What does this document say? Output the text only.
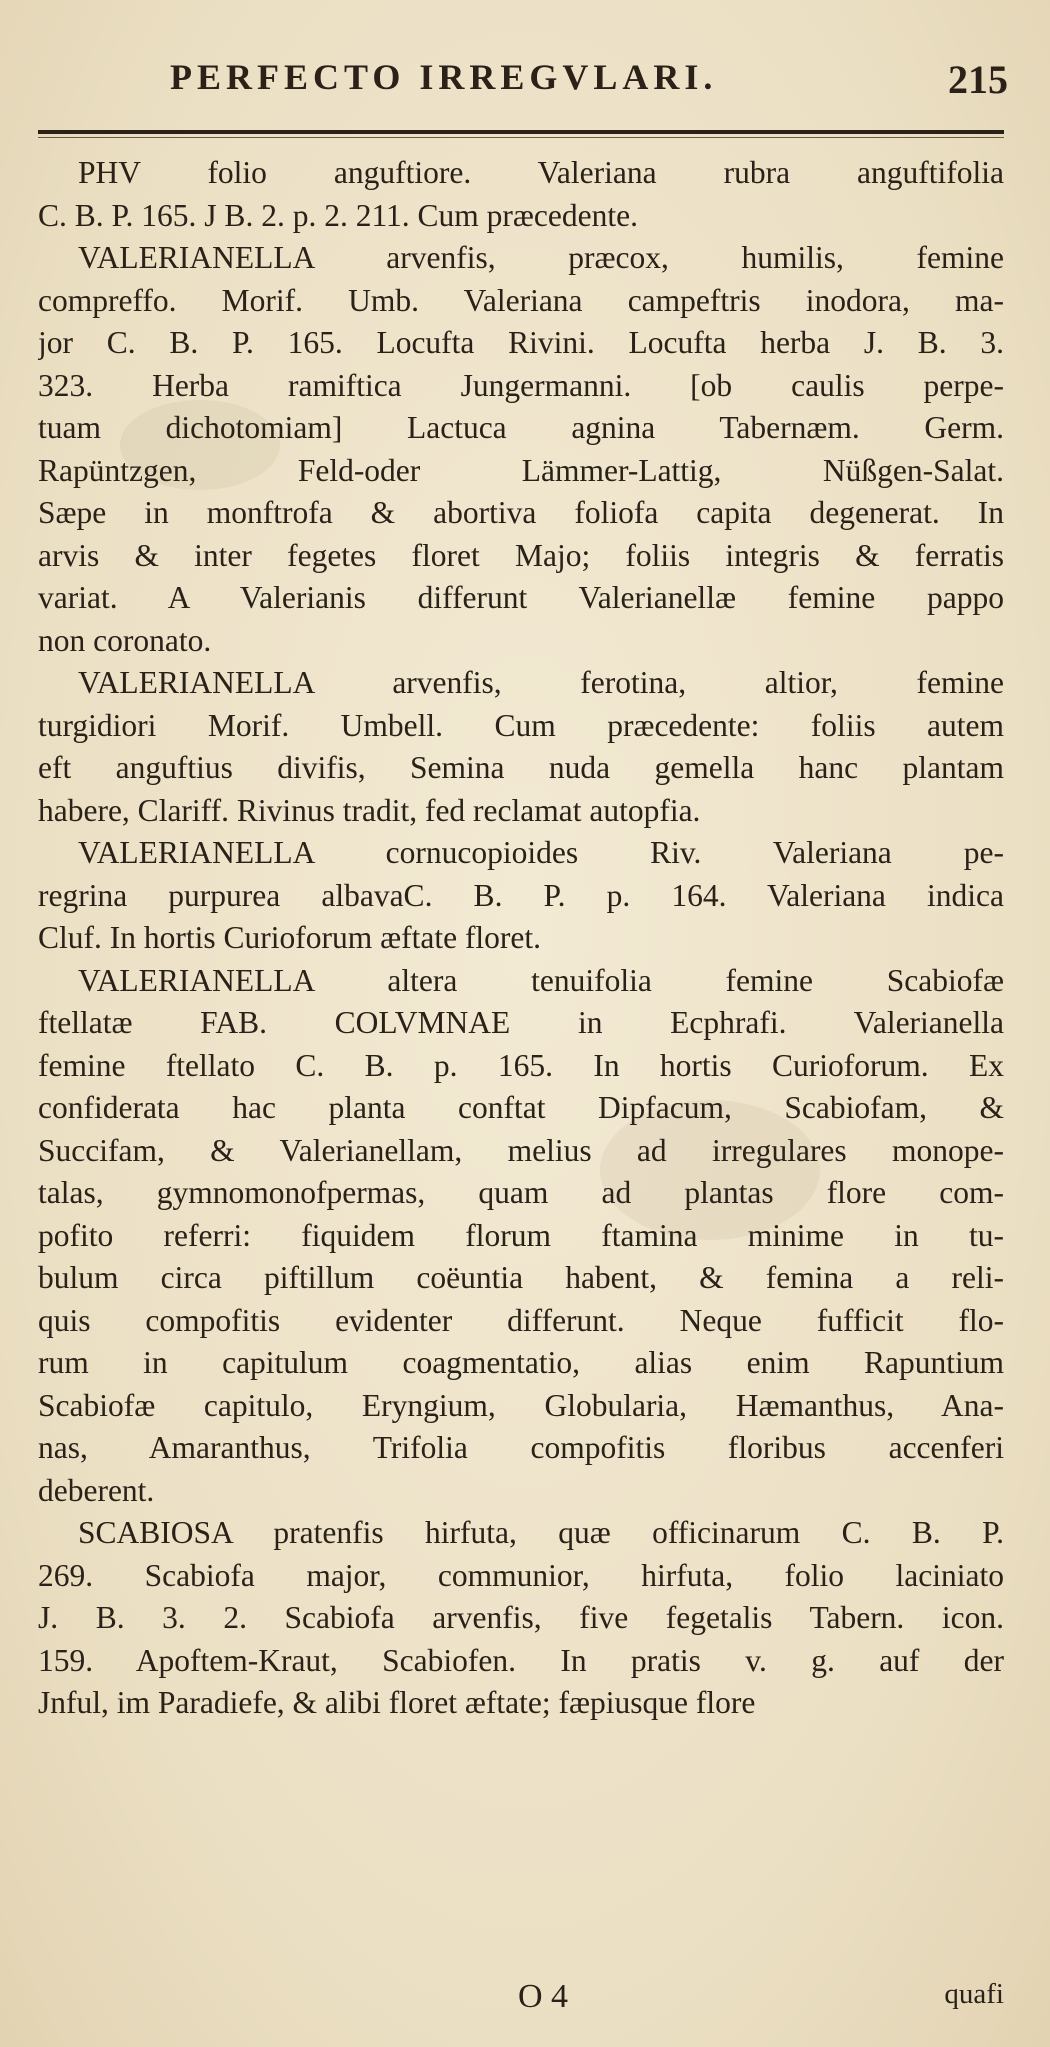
PERFECTO IRREGVLARI.	215
PHV folio anguftiore. Valeriana rubra anguftifolia
C. B. P. 165. J B. 2. p. 2. 211. Cum præcedente.
VALERIANELLA arvenfis, præcox, humilis, femine
compreffo. Morif. Umb. Valeriana campeftris inodora, ma-
jor C. B. P. 165. Locufta Rivini. Locufta herba J. B. 3.
323. Herba ramiftica Jungermanni. [ob caulis perpe-
tuam dichotomiam] Lactuca agnina Tabernæm. Germ.
Rapüntzgen, Feld-oder Lämmer-Lattig, Nüßgen-Salat.
Sæpe in monftrofa & abortiva foliofa capita degenerat. In
arvis & inter fegetes floret Majo; foliis integris & ferratis
variat. A Valerianis differunt Valerianellæ femine pappo
non coronato.
VALERIANELLA arvenfis, ferotina, altior, femine
turgidiori Morif. Umbell. Cum præcedente: foliis autem
eft anguftius divifis, Semina nuda gemella hanc plantam
habere, Clariff. Rivinus tradit, fed reclamat autopfia.
VALERIANELLA cornucopioides Riv. Valeriana pe-
regrina purpurea albavaC. B. P. p. 164. Valeriana indica
Cluf. In hortis Curioforum æftate floret.
VALERIANELLA altera tenuifolia femine Scabiofæ
ftellatæ FAB. COLVMNAE in Ecphrafi. Valerianella
femine ftellato C. B. p. 165. In hortis Curioforum. Ex
confiderata hac planta conftat Dipfacum, Scabiofam, &
Succifam, & Valerianellam, melius ad irregulares monope-
talas, gymnomonofpermas, quam ad plantas flore com-
pofito referri: fiquidem florum ftamina minime in tu-
bulum circa piftillum coëuntia habent, & femina a reli-
quis compofitis evidenter differunt. Neque fufficit flo-
rum in capitulum coagmentatio, alias enim Rapuntium
Scabiofæ capitulo, Eryngium, Globularia, Hæmanthus, Ana-
nas, Amaranthus, Trifolia compofitis floribus accenferi
deberent.
SCABIOSA pratenfis hirfuta, quæ officinarum C. B. P.
269. Scabiofa major, communior, hirfuta, folio laciniato
J. B. 3. 2. Scabiofa arvenfis, five fegetalis Tabern. icon.
159. Apoftem-Kraut, Scabiofen. In pratis v. g. auf der
Jnful, im Paradiefe, & alibi floret æftate; fæpiusque flore
O 4	quafi
